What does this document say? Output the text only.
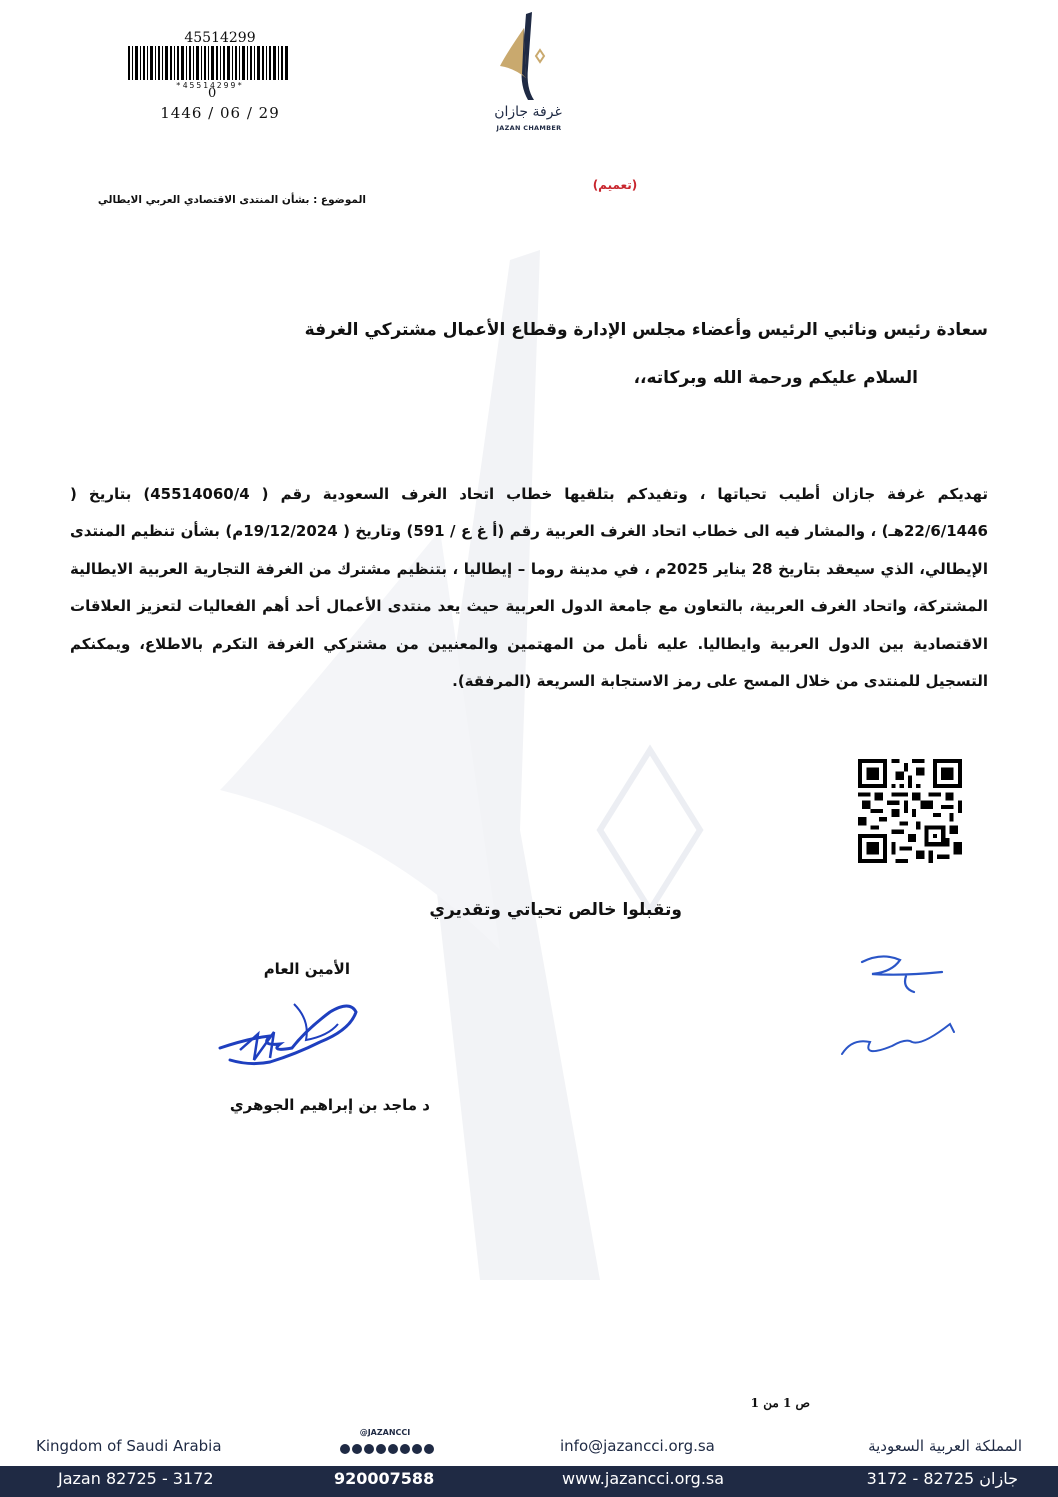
45514299
*45514299*
0
1446 / 06 / 29	غرفة جازان
JAZAN CHAMBER
(تعميم)
الموضوع : بشأن المنتدى الاقتصادي العربي الايطالي
سعادة رئيس ونائبي الرئيس وأعضاء مجلس الإدارة وقطاع الأعمال مشتركي الغرفة
السلام عليكم ورحمة الله وبركاته،،
تهديكم غرفة جازان أطيب تحياتها ، وتفيدكم بتلقيها خطاب اتحاد الغرف السعودية رقم ( 45514060/4) بتاريخ ( 22/6/1446هـ) ، والمشار فيه الى خطاب اتحاد الغرف العربية رقم (أ غ ع / 591) وتاريخ ( 19/12/2024م) بشأن تنظيم المنتدى الإيطالي، الذي سيعقد بتاريخ 28 يناير 2025م ، في مدينة روما – إيطاليا ، بتنظيم مشترك من الغرفة التجارية العربية الايطالية المشتركة، واتحاد الغرف العربية، بالتعاون مع جامعة الدول العربية حيث يعد منتدى الأعمال أحد أهم الفعاليات لتعزيز العلاقات الاقتصادية بين الدول العربية وايطاليا. عليه نأمل من المهتمين والمعنيين من مشتركي الغرفة التكرم بالاطلاع، ويمكنكم التسجيل للمنتدى من خلال المسح على رمز الاستجابة السريعة (المرفقة).
وتقبلوا خالص تحياتي وتقديري
الأمين العام
د ماجد بن إبراهيم الجوهري
ص 1 من 1
Kingdom of Saudi Arabia
@JAZANCCI
info@jazancci.org.sa	المملكة العربية السعودية
Jazan 82725 - 3172	920007588	www.jazancci.org.sa	جازان 82725 - 3172
